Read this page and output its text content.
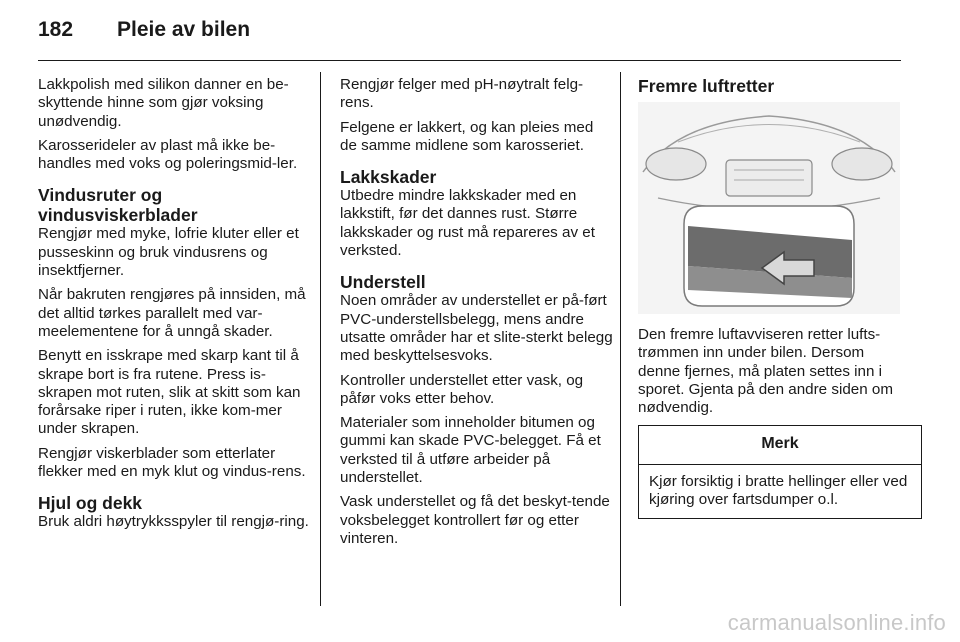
182 Pleie av bilen

Lakkpolish med silikon danner en be-skyttende hinne som gjør voksing unødvendig.

Karosserideler av plast må ikke be-handles med voks og poleringsmid-ler.

Vindusruter og vindusviskerblader

Rengjør med myke, lofrie kluter eller et pusseskinn og bruk vindusrens og insektfjerner.

Når bakruten rengjøres på innsiden, må det alltid tørkes parallelt med var-meelementene for å unngå skader.

Benytt en isskrape med skarp kant til å skrape bort is fra rutene. Press is-skrapen mot ruten, slik at skitt som kan forårsake riper i ruten, ikke kom-mer under skrapen.

Rengjør viskerblader som etterlater flekker med en myk klut og vindus-rens.

Hjul og dekk

Bruk aldri høytrykksspyler til rengjø-ring.

Rengjør felger med pH-nøytralt felg-rens.

Felgene er lakkert, og kan pleies med de samme midlene som karosseriet.

Lakkskader

Utbedre mindre lakkskader med en lakkstift, før det dannes rust. Større lakkskader og rust må repareres av et verksted.

Understell

Noen områder av understellet er på-ført PVC-understellsbelegg, mens andre utsatte områder har et slite-sterkt belegg med beskyttelsesvoks.

Kontroller understellet etter vask, og påfør voks etter behov.

Materialer som inneholder bitumen og gummi kan skade PVC-belegget. Få et verksted til å utføre arbeider på understellet.

Vask understellet og få det beskyt-tende voksbelegget kontrollert før og etter vinteren.

Fremre luftretter

Den fremre luftavviseren retter lufts-trømmen inn under bilen. Dersom denne fjernes, må platen settes inn i sporet. Gjenta på den andre siden om nødvendig.

Merk
Kjør forsiktig i bratte hellinger eller ved kjøring over fartsdumper o.l.
carmanualsonline.info
